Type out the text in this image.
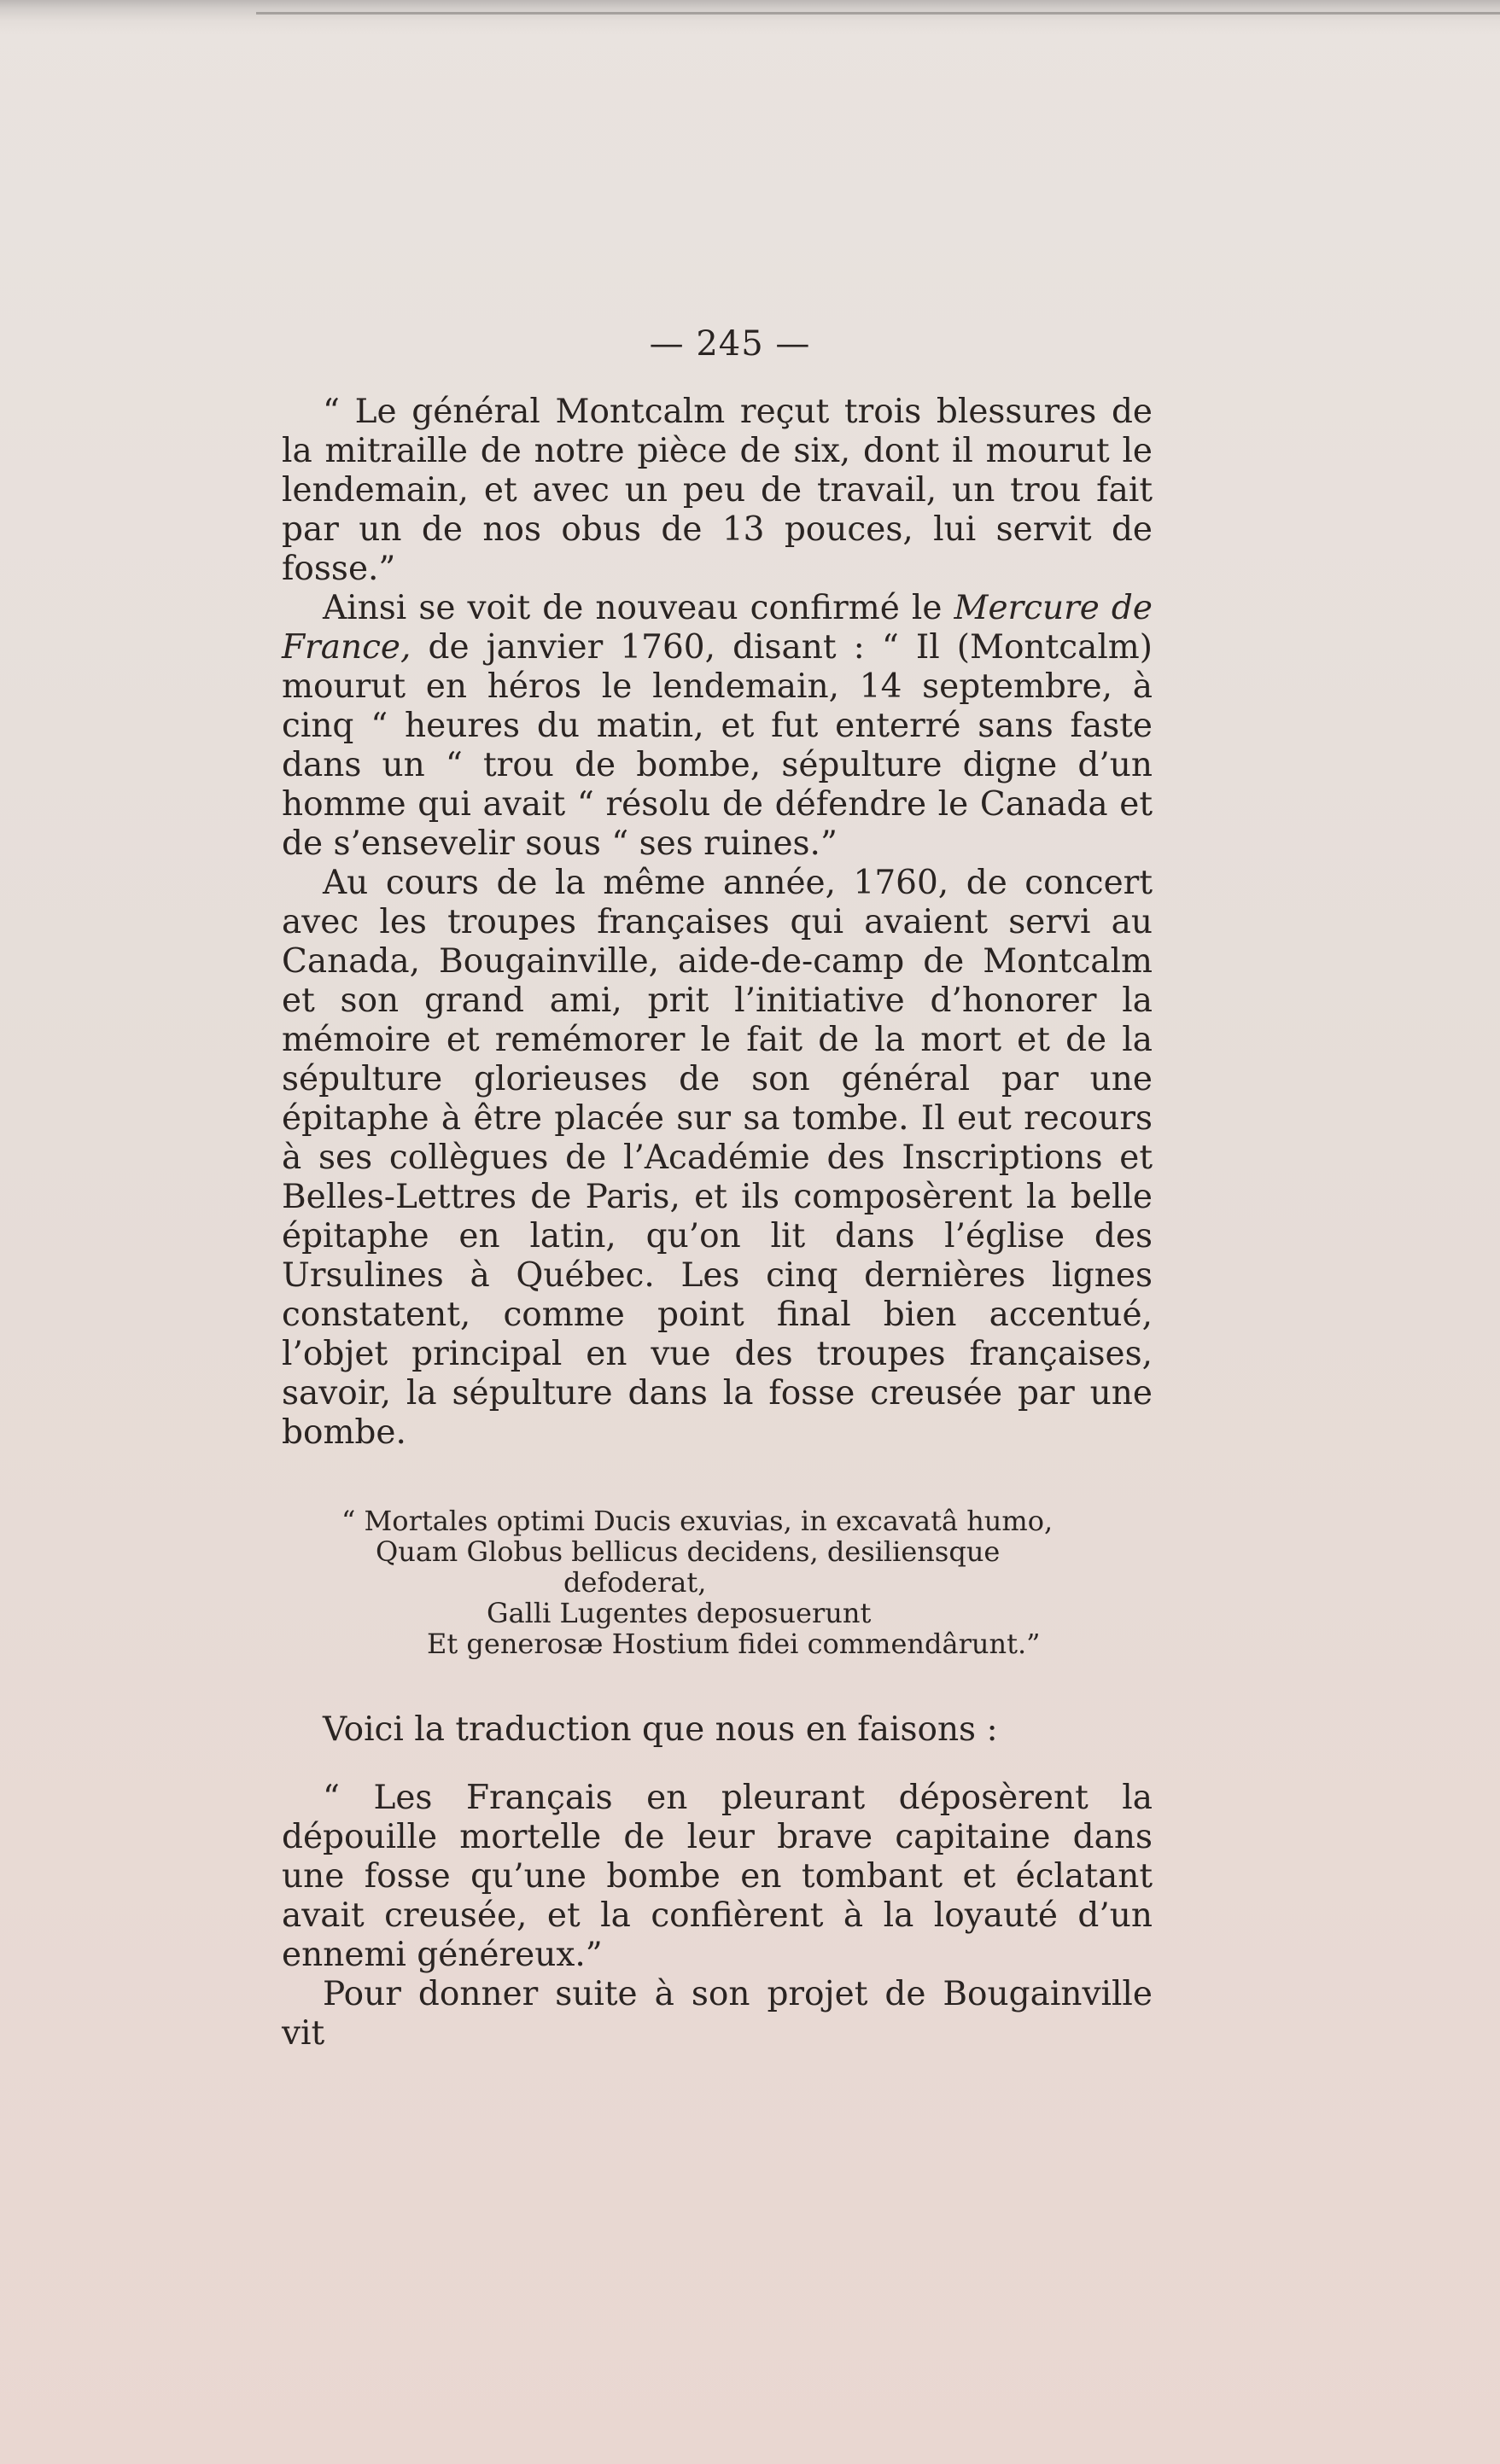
— 245 —

“ Le général Montcalm reçut trois blessures de la mitraille de notre pièce de six, dont il mourut le lendemain, et avec un peu de travail, un trou fait par un de nos obus de 13 pouces, lui servit de fosse.”

Ainsi se voit de nouveau confirmé le Mercure de France, de janvier 1760, disant : “ Il (Montcalm) mourut en héros le lendemain, 14 septembre, à cinq “ heures du matin, et fut enterré sans faste dans un “ trou de bombe, sépulture digne d’un homme qui avait “ résolu de défendre le Canada et de s’ensevelir sous “ ses ruines.”

Au cours de la même année, 1760, de concert avec les troupes françaises qui avaient servi au Canada, Bougainville, aide-de-camp de Montcalm et son grand ami, prit l’initiative d’honorer la mémoire et remémorer le fait de la mort et de la sépulture glorieuses de son général par une épitaphe à être placée sur sa tombe. Il eut recours à ses collègues de l’Académie des Inscriptions et Belles-Lettres de Paris, et ils composèrent la belle épitaphe en latin, qu’on lit dans l’église des Ursulines à Québec. Les cinq dernières lignes constatent, comme point final bien accentué, l’objet principal en vue des troupes françaises, savoir, la sépulture dans la fosse creusée par une bombe.

“ Mortales optimi Ducis exuvias, in excavatâ humo,
Quam Globus bellicus decidens, desiliensque
defoderat,
Galli Lugentes deposuerunt
Et generosæ Hostium fidei commendârunt.”

Voici la traduction que nous en faisons :

“ Les Français en pleurant déposèrent la dépouille mortelle de leur brave capitaine dans une fosse qu’une bombe en tombant et éclatant avait creusée, et la confièrent à la loyauté d’un ennemi généreux.”

Pour donner suite à son projet de Bougainville vit
